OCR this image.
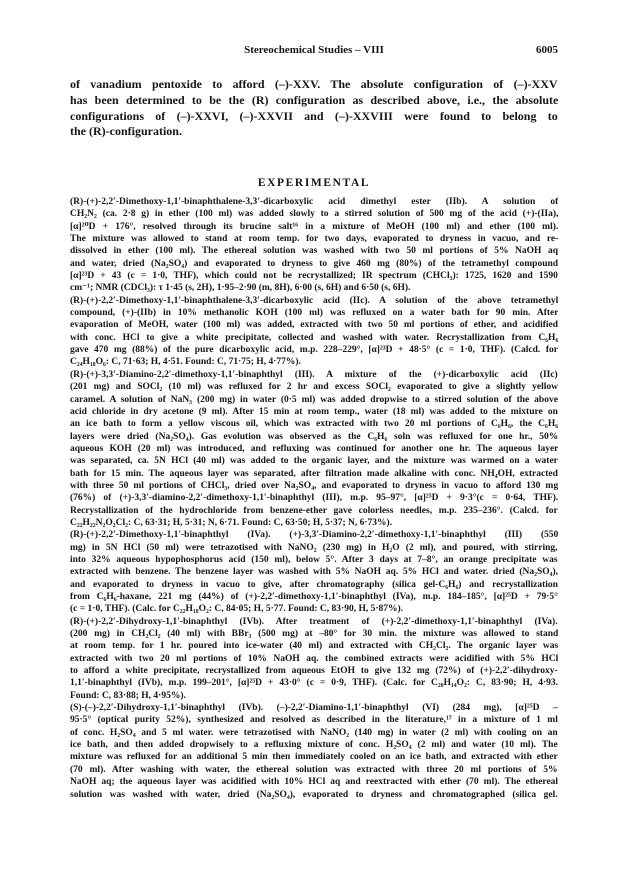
Stereochemical Studies – VIII	6005
of vanadium pentoxide to afford (–)-XXV. The absolute configuration of (–)-XXV
has been determined to be the (R) configuration as described above, i.e., the absolute
configurations of (–)-XXVI, (–)-XXVII and (–)-XXVIII were found to belong to
the (R)-configuration.
EXPERIMENTAL
(R)-(+)-2,2′-Dimethoxy-1,1′-binaphthalene-3,3′-dicarboxylic acid dimethyl ester (IIb). A solution of
CH₂N₂ (ca. 2·8 g) in ether (100 ml) was added slowly to a stirred solution of 500 mg of the acid (+)-(IIa),
[α]²⁰D + 176°, resolved through its brucine salt¹⁶ in a mixture of MeOH (100 ml) and ether (100 ml).
The mixture was allowed to stand at room temp. for two days, evaporated to dryness in vacuo, and re-
dissolved in ether (100 ml). The ethereal solution was washed with two 50 ml portions of 5% NaOH aq
and water, dried (Na₂SO₄) and evaporated to dryness to give 460 mg (80%) of the tetramethyl compound
[α]²³D + 43 (c = 1·0, THF), which could not be recrystallized; IR spectrum (CHCl₃): 1725, 1620 and 1590
cm⁻¹; NMR (CDCl₃): τ 1·45 (s, 2H), 1·95–2·90 (m, 8H), 6·00 (s, 6H) and 6·50 (s, 6H).
(R)-(+)-2,2′-Dimethoxy-1,1′-binaphthalene-3,3′-dicarboxylic acid (IIc). A solution of the above tetramethyl
compound, (+)-(IIb) in 10% methanolic KOH (100 ml) was refluxed on a water bath for 90 min. After
evaporation of MeOH, water (100 ml) was added, extracted with two 50 ml portions of ether, and acidified
with conc. HCl to give a white precipitate, collected and washed with water. Recrystallization from C₆H₆
gave 470 mg (88%) of the pure dicarboxylic acid, m.p. 228–229°, [α]²³D + 48·5° (c = 1·0, THF). (Calcd. for
C₂₄H₁₈O₆: C, 71·63; H, 4·51. Found: C, 71·75; H, 4·77%).
(R)-(+)-3,3′-Diamino-2,2′-dimethoxy-1,1′-binaphthyl (III). A mixture of the (+)-dicarboxylic acid (IIc)
(201 mg) and SOCl₂ (10 ml) was refluxed for 2 hr and excess SOCl₂ evaporated to give a slightly yellow
caramel. A solution of NaN₃ (200 mg) in water (0·5 ml) was added dropwise to a stirred solution of the above
acid chloride in dry acetone (9 ml). After 15 min at room temp., water (18 ml) was added to the mixture on
an ice bath to form a yellow viscous oil, which was extracted with two 20 ml portions of C₆H₆, the C₆H₆
layers were dried (Na₂SO₄). Gas evolution was observed as the C₆H₆ soln was refluxed for one hr., 50%
aqueous KOH (20 ml) was introduced, and refluxing was continued for another one hr. The aqueous layer
was separated, ca. 5N HCl (40 ml) was added to the organic layer, and the mixture was warmed on a water
bath for 15 min. The aqueous layer was separated, after filtration made alkaline with conc. NH₄OH, extracted
with three 50 ml portions of CHCl₃, dried over Na₂SO₄, and evaporated to dryness in vacuo to afford 130 mg
(76%) of (+)-3,3′-diamino-2,2′-dimethoxy-1,1′-binaphthyl (III), m.p. 95–97°, [α]²⁵D + 9·3°(c = 0·64, THF).
Recrystallization of the hydrochloride from benzene-ether gave colorless needles, m.p. 235–236°. (Calcd. for
C₂₂H₂₂N₂O₂Cl₂: C, 63·31; H, 5·31; N, 6·71. Found: C, 63·50; H, 5·37; N, 6·73%).
(R)-(+)-2,2′-Dimethoxy-1,1′-binaphthyl (IVa). (+)-3,3′-Diamino-2,2′-dimethoxy-1,1′-binaphthyl (III) (550
mg) in 5N HCl (50 ml) were tetrazotised with NaNO₂ (230 mg) in H₂O (2 ml), and poured, with stirring,
into 32% aqueous hypophosphorus acid (150 ml), below 5°. After 3 days at 7–8°, an orange precipitate was
extracted with benzene. The benzene layer was washed with 5% NaOH aq. 5% HCl and water. dried (Na₂SO₄),
and evaporated to dryness in vacuo to give, after chromatography (silica gel-C₆H₆) and recrystallization
from C₆H₆-haxane, 221 mg (44%) of (+)-2,2′-dimethoxy-1,1′-binaphthyl (IVa), m.p. 184–185°, [α]²⁵D + 79·5°
(c = 1·0, THF). (Calc. for C₂₂H₁₈O₂: C, 84·05; H, 5·77. Found: C, 83·90, H, 5·87%).
(R)-(+)-2,2′-Dihydroxy-1,1′-binaphthyl (IVb). After treatment of (+)-2,2′-dimethoxy-1,1′-binaphthyl (IVa).
(200 mg) in CH₂Cl₂ (40 ml) with BBr₃ (500 mg) at –80° for 30 min. the mixture was allowed to stand
at room temp. for 1 hr. poured into ice-water (40 ml) and extracted with CH₂Cl₂. The organic layer was
extracted with two 20 ml portions of 10% NaOH aq. the combined extracts were acidified with 5% HCl
to afford a white precipitate, recrystallized from aqueous EtOH to give 132 mg (72%) of (+)-2,2′-dihydroxy-
1,1′-binaphthyl (IVb), m.p. 199–201°, [α]²⁵D + 43·0° (c = 0·9, THF). (Calc. for C₂₀H₁₄O₂: C, 83·90; H, 4·93.
Found: C, 83·88; H, 4·95%).
(S)-(–)-2,2′-Dihydroxy-1,1′-binaphthyl (IVb). (–)-2,2′-Diamino-1,1′-binaphthyl (VI) (284 mg), [α]²⁵D –
95·5° (optical purity 52%), synthesized and resolved as described in the literature,¹⁷ in a mixture of 1 ml
of conc. H₂SO₄ and 5 ml water. were tetrazotised with NaNO₂ (140 mg) in water (2 ml) with cooling on an
ice bath, and then added dropwisely to a refluxing mixture of conc. H₂SO₄ (2 ml) and water (10 ml). The
mixture was refluxed for an additional 5 min then immediately cooled on an ice bath, and extracted with ether
(70 ml). After washing with water, the ethereal solution was extracted with three 20 ml portions of 5%
NaOH aq; the aqueous layer was acidified with 10% HCl aq and reextracted with ether (70 ml). The ethereal
solution was washed with water, dried (Na₂SO₄), evaporated to dryness and chromatographed (silica gel.
